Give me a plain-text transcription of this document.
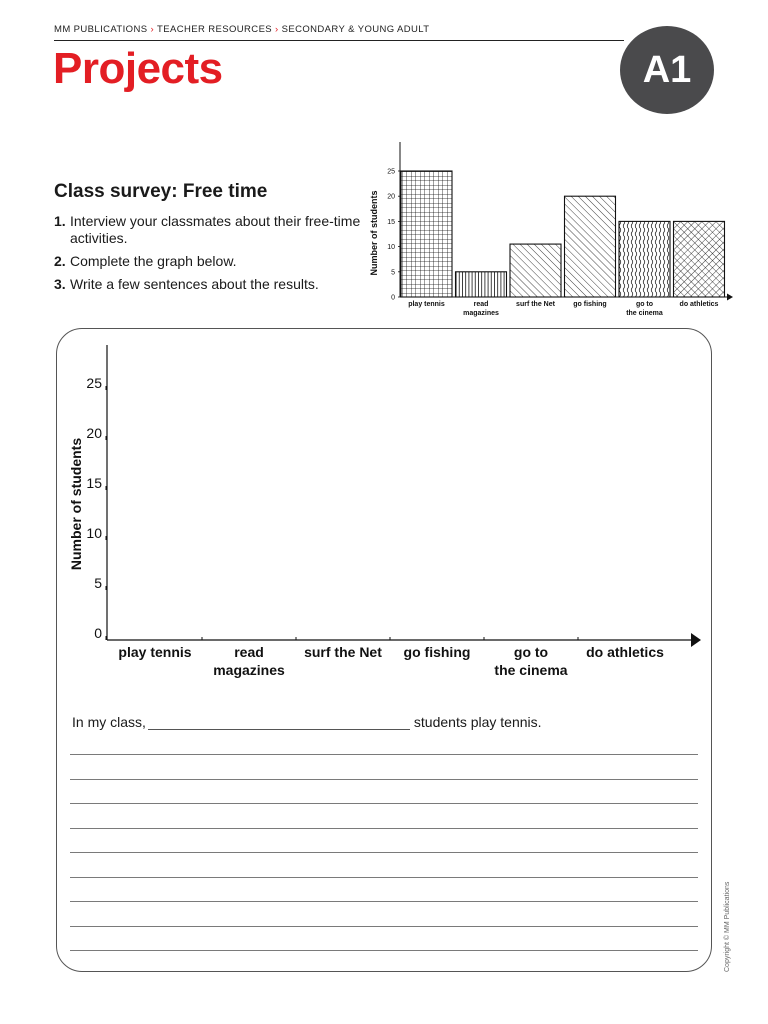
MM PUBLICATIONS › TEACHER RESOURCES › SECONDARY & YOUNG ADULT
Projects	A1
Class survey: Free time
1. Interview your classmates about their free-time activities.
2. Complete the graph below.
3. Write a few sentences about the results.
0
5
10
15
20
25
play tennis	read
magazines
surf the Net	go fishing	go to
the cinema
do athletics
Number of students
0
5
10
15
20
25
play tennis	read
magazines
surf the Net go fishing	go to
the cinema
do athletics
Number of students
In my class,	students play tennis.
Copyright © MM Publications
